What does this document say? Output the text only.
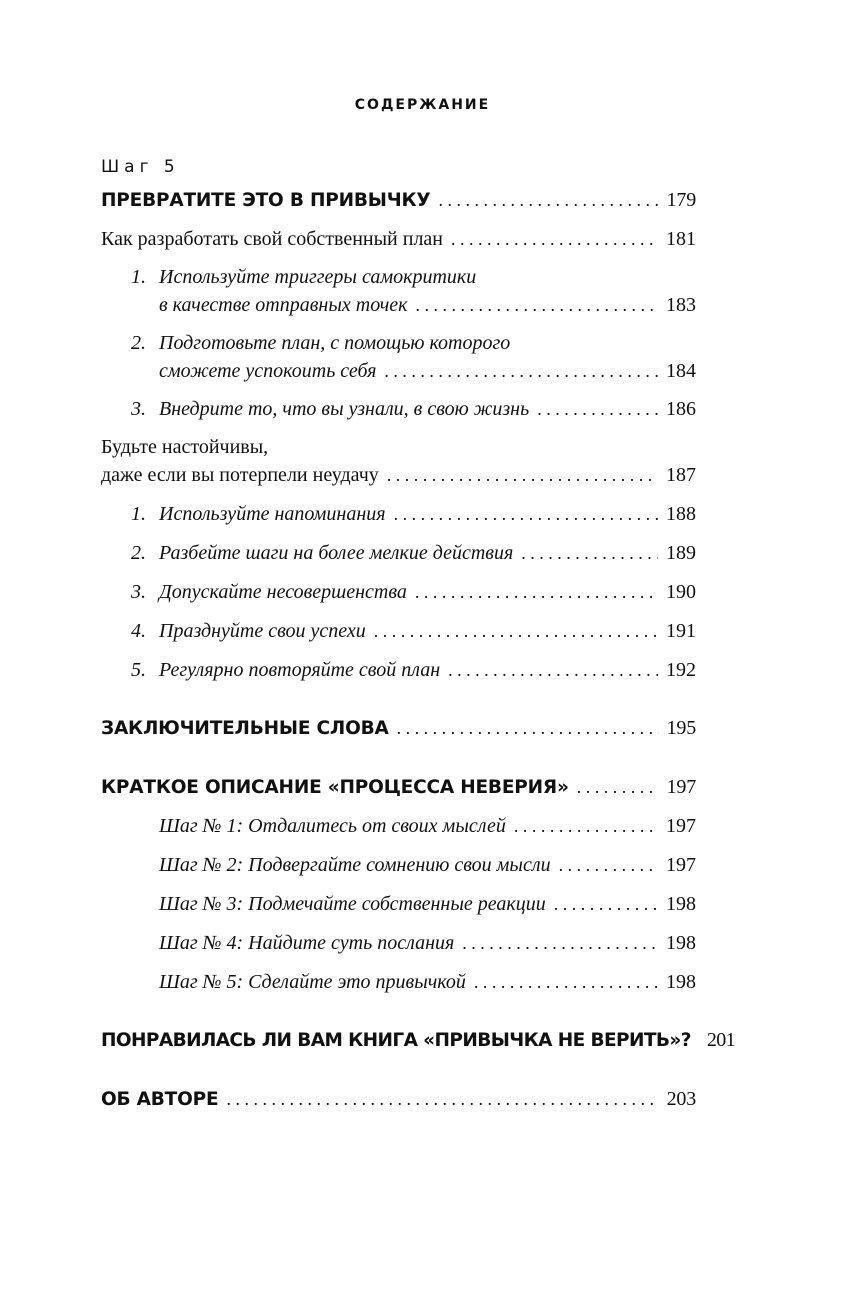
СОДЕРЖАНИЕ
Шаг 5
ПРЕВРАТИТЕ ЭТО В ПРИВЫЧКУ . . .	179
Как разработать свой собственный план . . .	181
1. Используйте триггеры самокритики
в качестве отправных точек . . .	183
2. Подготовьте план, с помощью которого
сможете успокоить себя . . .	184
3. Внедрите то, что вы узнали, в свою жизнь . . .	186
Будьте настойчивы,
даже если вы потерпели неудачу . . .	187
1. Используйте напоминания . . .	188
2. Разбейте шаги на более мелкие действия . . .	189
3. Допускайте несовершенства . . .	190
4. Празднуйте свои успехи . . .	191
5. Регулярно повторяйте свой план . . .	192
ЗАКЛЮЧИТЕЛЬНЫЕ СЛОВА . . .	195
КРАТКОЕ ОПИСАНИЕ «ПРОЦЕССА НЕВЕРИЯ» . . .	197
Шаг № 1: Отдалитесь от своих мыслей . . .	197
Шаг № 2: Подвергайте сомнению свои мысли . . .	197
Шаг № 3: Подмечайте собственные реакции . . .	198
Шаг № 4: Найдите суть послания . . .	198
Шаг № 5: Сделайте это привычкой . . .	198
ПОНРАВИЛАСЬ ЛИ ВАМ КНИГА «ПРИВЫЧКА НЕ ВЕРИТЬ»? 201
ОБ АВТОРЕ . . .	203
